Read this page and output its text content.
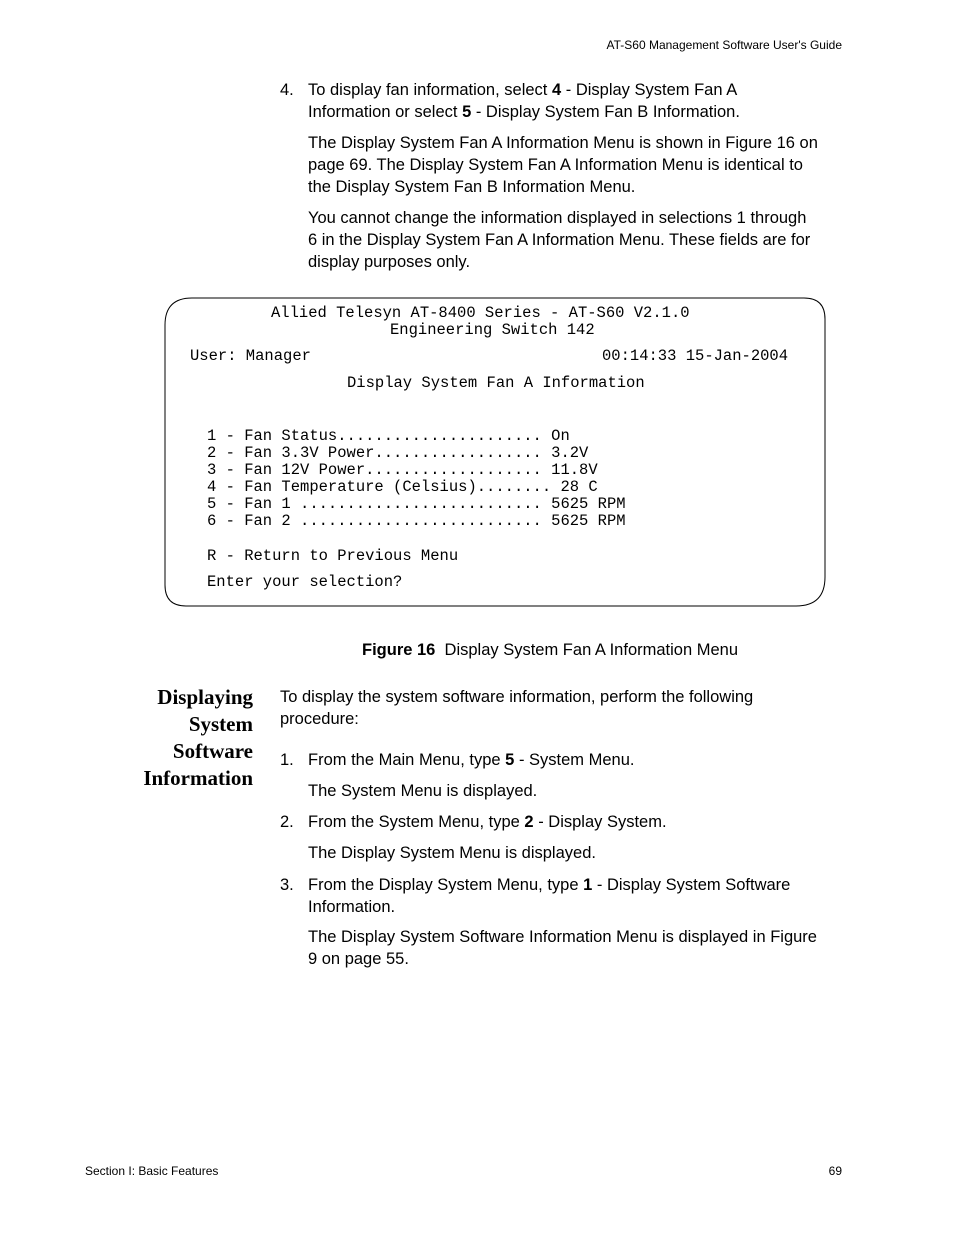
AT-S60 Management Software User's Guide
4. To display fan information, select 4 - Display System Fan A Information or select 5 - Display System Fan B Information.
The Display System Fan A Information Menu is shown in Figure 16 on page 69. The Display System Fan A Information Menu is identical to the Display System Fan B Information Menu.
You cannot change the information displayed in selections 1 through 6 in the Display System Fan A Information Menu. These fields are for display purposes only.
Allied Telesyn AT-8400 Series - AT-S60 V2.1.0
Engineering Switch 142
User: Manager	00:14:33 15-Jan-2004
Display System Fan A Information
1 - Fan Status...................... On
2 - Fan 3.3V Power.................. 3.2V
3 - Fan 12V Power................... 11.8V
4 - Fan Temperature (Celsius)........ 28 C
5 - Fan 1 .......................... 5625 RPM
6 - Fan 2 .......................... 5625 RPM
R - Return to Previous Menu
Enter your selection?
Figure 16 Display System Fan A Information Menu
Displaying
System
Software
Information
To display the system software information, perform the following procedure:
1. From the Main Menu, type 5 - System Menu.
The System Menu is displayed.
2. From the System Menu, type 2 - Display System.
The Display System Menu is displayed.
3. From the Display System Menu, type 1 - Display System Software Information.
The Display System Software Information Menu is displayed in Figure 9 on page 55.
Section I: Basic Features	69
